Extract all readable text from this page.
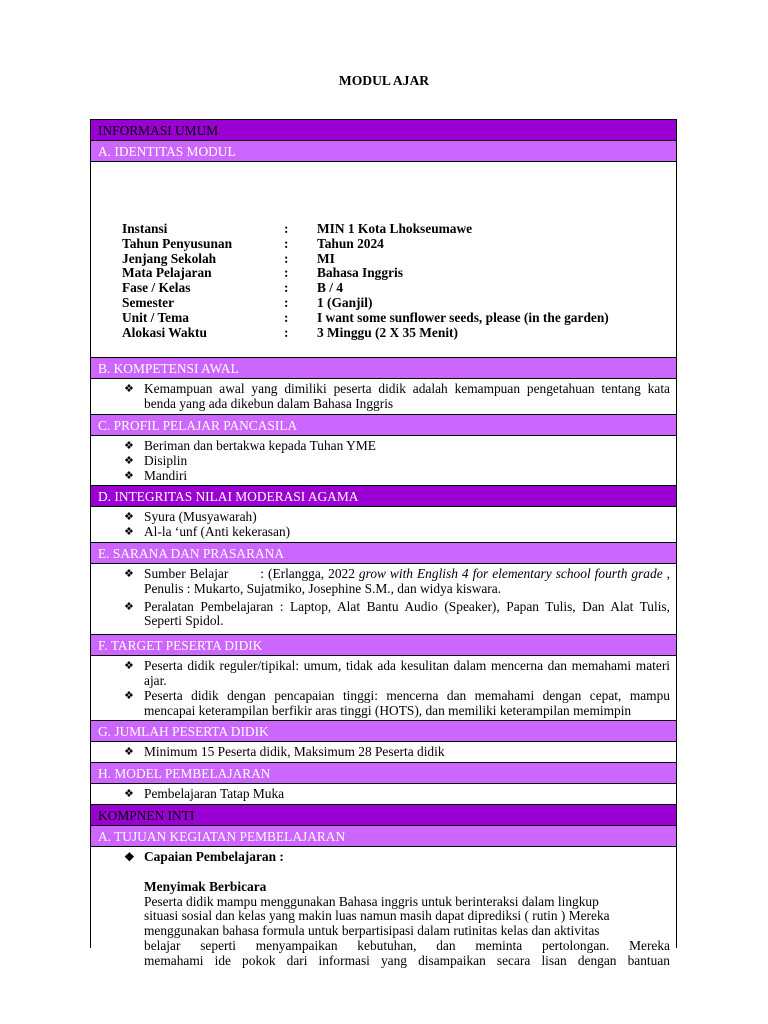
MODUL AJAR
INFORMASI UMUM
A. IDENTITAS MODUL
Instansi	:	MIN 1 Kota Lhokseumawe
Tahun Penyusunan	:	Tahun 2024
Jenjang Sekolah	:	MI
Mata Pelajaran	:	Bahasa Inggris
Fase / Kelas	:	B / 4
Semester	:	1 (Ganjil)
Unit / Tema	:	I want some sunflower seeds, please (in the garden)
Alokasi Waktu	:	3 Minggu (2 X 35 Menit)
B. KOMPETENSI AWAL
❖ Kemampuan awal yang dimiliki peserta didik adalah kemampuan pengetahuan tentang kata benda yang ada dikebun dalam Bahasa Inggris
C. PROFIL PELAJAR PANCASILA
❖ Beriman dan bertakwa kepada Tuhan YME
❖ Disiplin
❖ Mandiri
D. INTEGRITAS NILAI MODERASI AGAMA
❖ Syura (Musyawarah)
❖ Al-la ‘unf (Anti kekerasan)
E. SARANA DAN PRASARANA
❖ Sumber Belajar        : (Erlangga, 2022 grow with English 4 for elementary school fourth grade , Penulis : Mukarto, Sujatmiko, Josephine S.M., dan widya kiswara.
❖ Peralatan Pembelajaran : Laptop, Alat Bantu Audio (Speaker), Papan Tulis, Dan Alat Tulis, Seperti Spidol.
F. TARGET PESERTA DIDIK
❖ Peserta didik reguler/tipikal: umum, tidak ada kesulitan dalam mencerna dan memahami materi ajar.
❖ Peserta didik dengan pencapaian tinggi: mencerna dan memahami dengan cepat, mampu mencapai keterampilan berfikir aras tinggi (HOTS), dan memiliki keterampilan memimpin
G. JUMLAH PESERTA DIDIK
❖ Minimum 15 Peserta didik, Maksimum 28 Peserta didik
H. MODEL PEMBELAJARAN
❖ Pembelajaran Tatap Muka
KOMPNEN INTI
A. TUJUAN KEGIATAN PEMBELAJARAN
❖ Capaian Pembelajaran :
Menyimak Berbicara
Peserta didik mampu menggunakan Bahasa inggris untuk berinteraksi dalam lingkup
situasi sosial dan kelas yang makin luas namun masih dapat diprediksi ( rutin ) Mereka
menggunakan bahasa formula untuk berpartisipasi dalam rutinitas kelas dan aktivitas
belajar seperti menyampaikan kebutuhan, dan meminta pertolongan. Mereka
memahami ide pokok dari informasi yang disampaikan secara lisan dengan bantuan
